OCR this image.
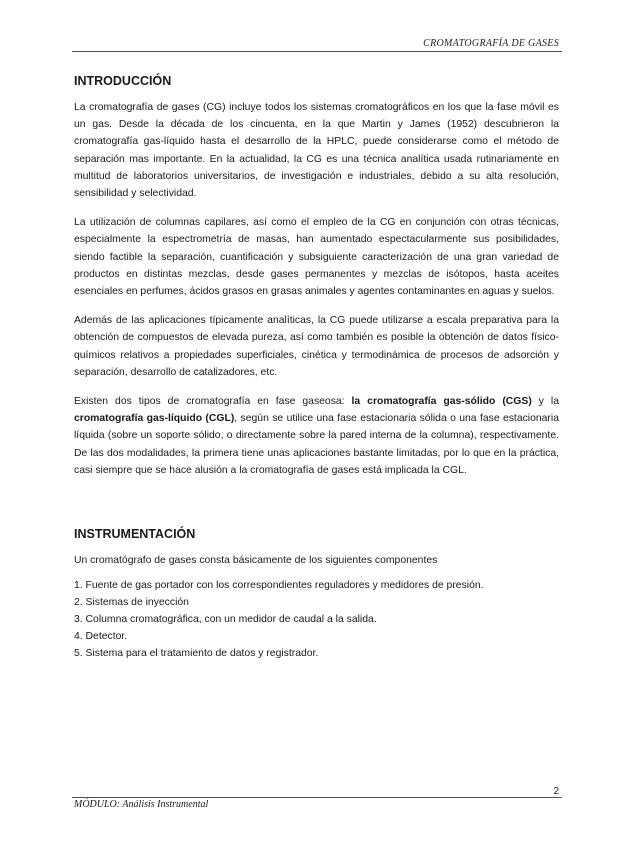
CROMATOGRAFÍA DE GASES
INTRODUCCIÓN

La cromatografía de gases (CG) incluye todos los sistemas cromatográficos en los que la fase móvil es un gas. Desde la década de los cincuenta, en la que Martin y James (1952) descubrieron la cromatografía gas-líquido hasta el desarrollo de la HPLC, puede considerarse como el método de separación mas importante. En la actualidad, la CG es una técnica analítica usada rutinariamente en multitud de laboratorios universitarios, de investigación e industriales, debido a su alta resolución, sensibilidad y selectividad.

La utilización de columnas capilares, así como el empleo de la CG en conjunción con otras técnicas, especialmente la espectrometría de masas, han aumentado espectacularmente sus posibilidades, siendo factible la separación, cuantificación y subsiguiente caracterización de una gran variedad de productos en distintas mezclas, desde gases permanentes y mezclas de isótopos, hasta aceites esenciales en perfumes, ácidos grasos en grasas animales y agentes contaminantes en aguas y suelos.

Además de las aplicaciones típicamente analíticas, la CG puede utilizarse a escala preparativa para la obtención de compuestos de elevada pureza, así como también es posible la obtención de datos físico-químicos relativos a propiedades superficiales, cinética y termodinámica de procesos de adsorción y separación, desarrollo de catalizadores, etc.

Existen dos tipos de cromatografía en fase gaseosa: la cromatografía gas-sólido (CGS) y la cromatografía gas-líquido (CGL), según se utilice una fase estacionaria sólida o una fase estacionaria líquida (sobre un soporte sólido, o directamente sobre la pared interna de la columna), respectivamente. De las dos modalidades, la primera tiene unas aplicaciones bastante limitadas, por lo que en la práctica, casi siempre que se hace alusión a la cromatografía de gases está implicada la CGL.

INSTRUMENTACIÓN

Un cromatógrafo de gases consta básicamente de los siguientes componentes

1. Fuente de gas portador con los correspondientes reguladores y medidores de presión.
2. Sistemas de inyección
3. Columna cromatográfica, con un medidor de caudal a la salida.
4. Detector.
5. Sistema para el tratamiento de datos y registrador.
2
MÓDULO: Análisis Instrumental
